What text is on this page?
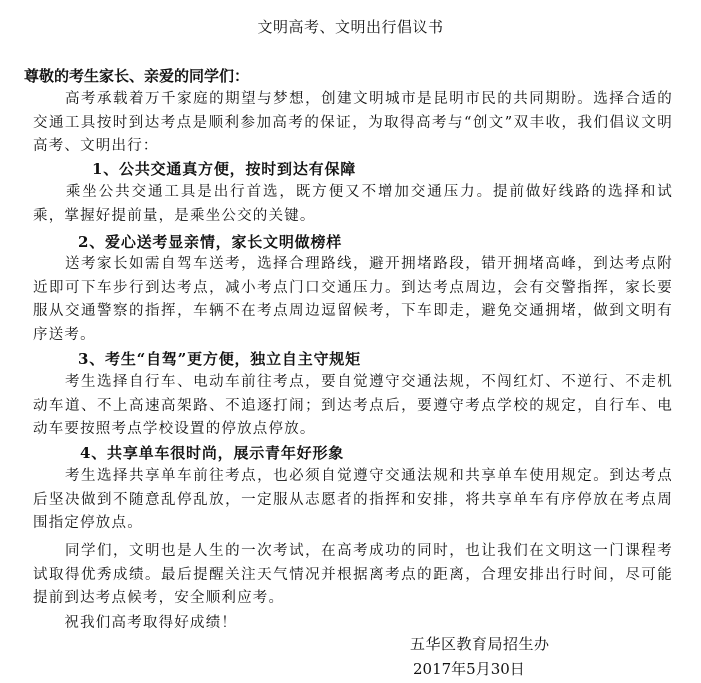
文明高考、文明出行倡议书
尊敬的考生家长、亲爱的同学们：

　　高考承载着万千家庭的期望与梦想，创建文明城市是昆明市民的共同期盼。选择合适的交通工具按时到达考点是顺利参加高考的保证，为取得高考与“创文”双丰收，我们倡议文明高考、文明出行：

1、公共交通真方便，按时到达有保障

　　乘坐公共交通工具是出行首选，既方便又不增加交通压力。提前做好线路的选择和试乘，掌握好提前量，是乘坐公交的关键。

2、爱心送考显亲情，家长文明做榜样

　　送考家长如需自驾车送考，选择合理路线，避开拥堵路段，错开拥堵高峰，到达考点附近即可下车步行到达考点，减小考点门口交通压力。到达考点周边，会有交警指挥，家长要服从交通警察的指挥，车辆不在考点周边逗留候考，下车即走，避免交通拥堵，做到文明有序送考。

3、考生“自驾”更方便，独立自主守规矩

　　考生选择自行车、电动车前往考点，要自觉遵守交通法规，不闯红灯、不逆行、不走机动车道、不上高速高架路、不追逐打闹；到达考点后，要遵守考点学校的规定，自行车、电动车要按照考点学校设置的停放点停放。

4、共享单车很时尚，展示青年好形象

　　考生选择共享单车前往考点，也必须自觉遵守交通法规和共享单车使用规定。到达考点后坚决做到不随意乱停乱放，一定服从志愿者的指挥和安排，将共享单车有序停放在考点周围指定停放点。

　　同学们，文明也是人生的一次考试，在高考成功的同时，也让我们在文明这一门课程考试取得优秀成绩。最后提醒关注天气情况并根据离考点的距离，合理安排出行时间，尽可能提前到达考点候考，安全顺利应考。

　　祝我们高考取得好成绩！

五华区教育局招生办
2017年5月30日
